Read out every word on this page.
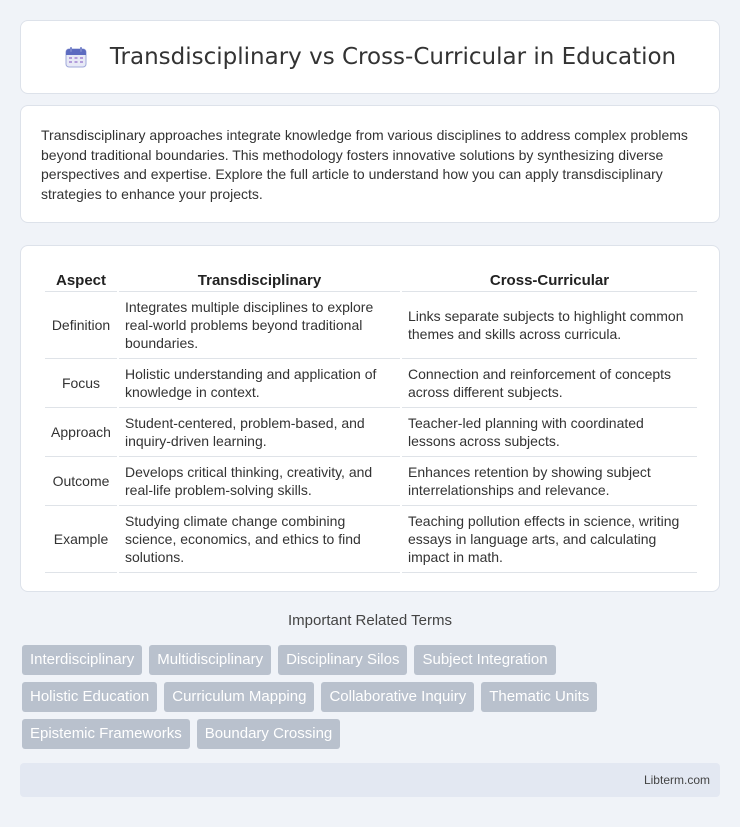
Transdisciplinary vs Cross-Curricular in Education

Transdisciplinary approaches integrate knowledge from various disciplines to address complex problems beyond traditional boundaries. This methodology fosters innovative solutions by synthesizing diverse perspectives and expertise. Explore the full article to understand how you can apply transdisciplinary strategies to enhance your projects.

Aspect	Transdisciplinary	Cross-Curricular
Definition	Integrates multiple disciplines to explore real-world problems beyond traditional boundaries.	Links separate subjects to highlight common themes and skills across curricula.
Focus	Holistic understanding and application of knowledge in context.	Connection and reinforcement of concepts across different subjects.
Approach	Student-centered, problem-based, and inquiry-driven learning.	Teacher-led planning with coordinated lessons across subjects.
Outcome	Develops critical thinking, creativity, and real-life problem-solving skills.	Enhances retention by showing subject interrelationships and relevance.
Example	Studying climate change combining science, economics, and ethics to find solutions.	Teaching pollution effects in science, writing essays in language arts, and calculating impact in math.
Important Related Terms
Interdisciplinary	Multidisciplinary	Disciplinary Silos	Subject Integration
Holistic Education	Curriculum Mapping	Collaborative Inquiry	Thematic Units
Epistemic Frameworks	Boundary Crossing
Libterm.com
